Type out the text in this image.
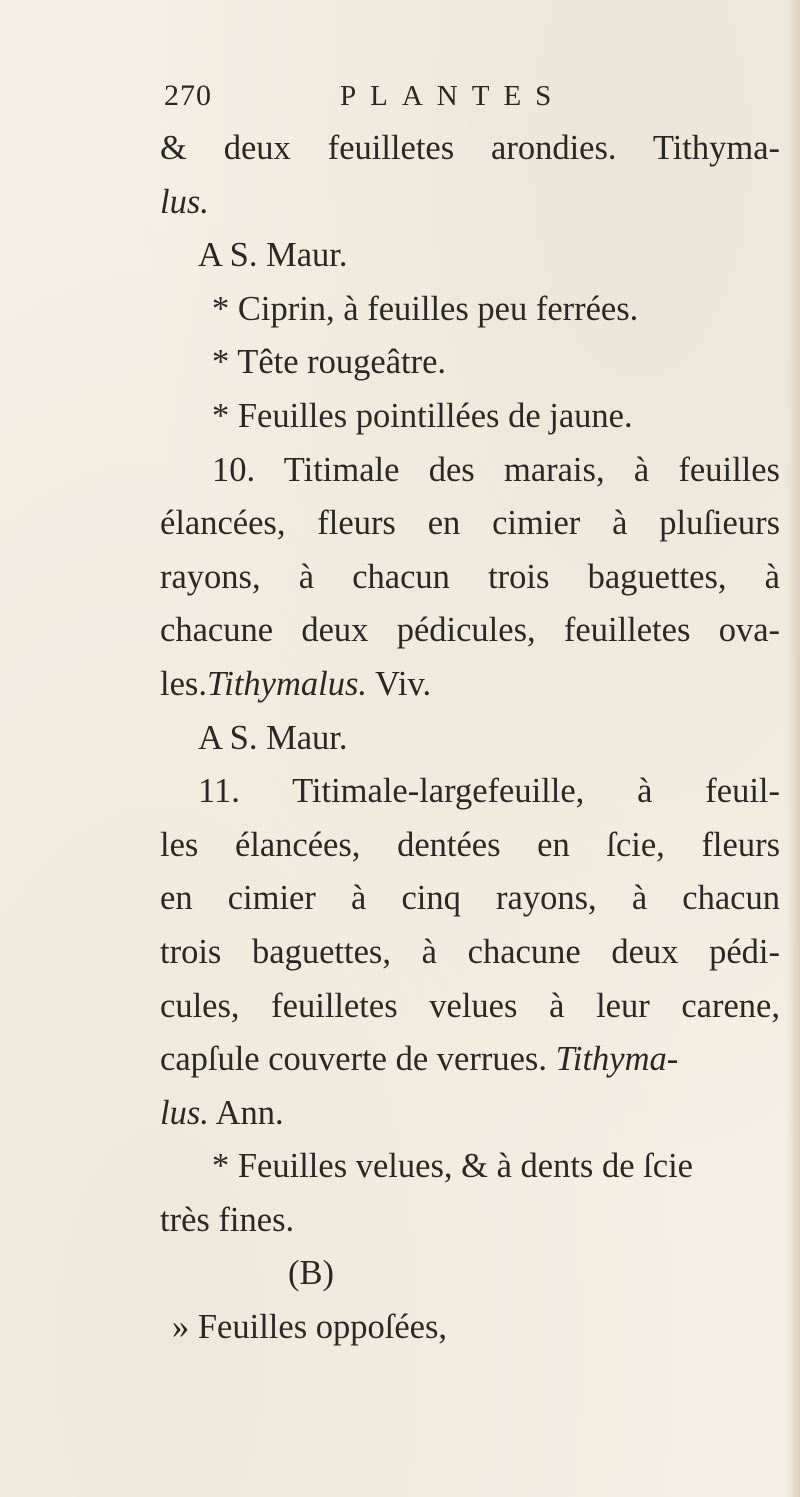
270	PLANTES
& deux feuilletes arondies. Tithyma-
lus.
A S. Maur.
* Ciprin, à feuilles peu ferrées.
* Tête rougeâtre.
* Feuilles pointillées de jaune.
10. Titimale des marais, à feuilles
élancées, fleurs en cimier à pluſieurs
rayons, à chacun trois baguettes, à
chacune deux pédicules, feuilletes ova-
les.Tithymalus. Viv.
A S. Maur.
11. Titimale-largefeuille, à feuil-
les élancées, dentées en ſcie, fleurs
en cimier à cinq rayons, à chacun
trois baguettes, à chacune deux pédi-
cules, feuilletes velues à leur carene,
capſule couverte de verrues. Tithyma-
lus. Ann.
* Feuilles velues, & à dents de ſcie
très fines.
(B)
» Feuilles oppoſées,
